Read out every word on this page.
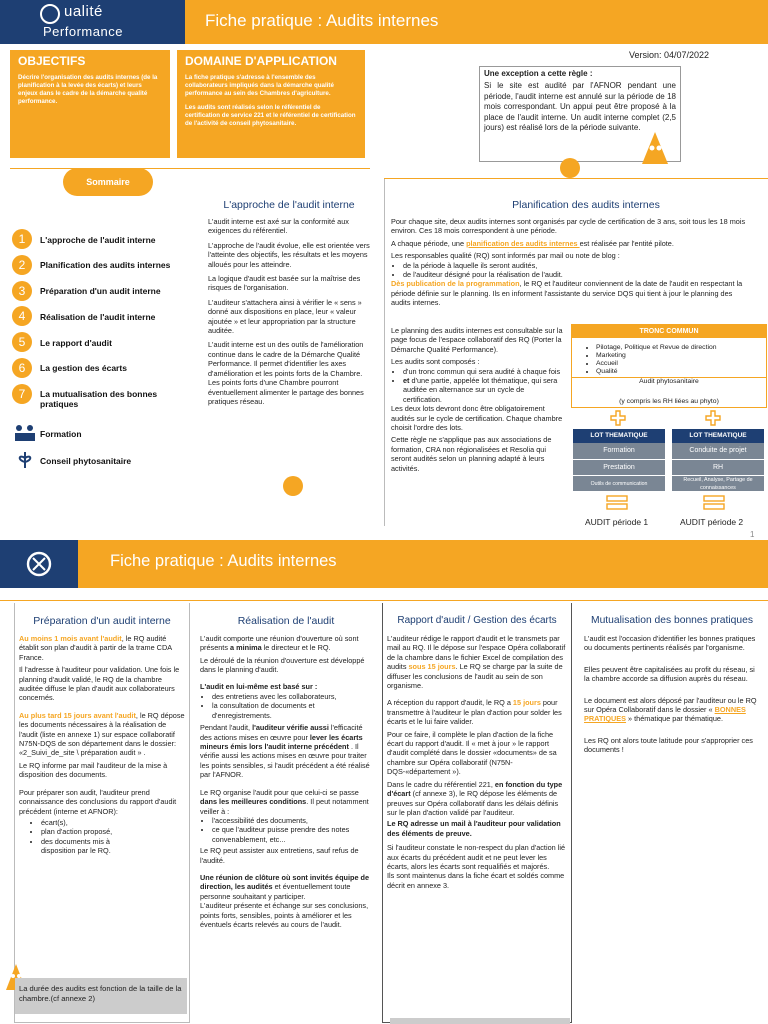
ualité
Performance
Fiche pratique : Audits internes
Version: 04/07/2022
OBJECTIFS

Décrire l'organisation des audits internes (de la planification à la levée des écarts) et leurs enjeux dans le cadre de la démarche qualité performance.

DOMAINE D'APPLICATION

La fiche pratique s'adresse à l'ensemble des collaborateurs impliqués dans la démarche qualité performance au sein des Chambres d'agriculture.

Les audits sont réalisés selon le référentiel de certification de service 221 et le référentiel de certification de l'activité de conseil phytosanitaire.

Une exception a cette règle :
Si le site est audité par l'AFNOR pendant une période, l'audit interne est annulé sur la période de 18 mois correspondant. Un appui peut être proposé à la place de l'audit interne. Un audit interne complet (2,5 jours) est réalisé lors de la période suivante.
Sommaire
1	L'approche de l'audit interne
2	Planification des audits internes
3	Préparation d'un audit interne
4	Réalisation de l'audit interne
5	Le rapport d'audit
6	La gestion des écarts
7	La mutualisation des bonnes pratiques
Formation
Conseil phytosanitaire
L'approche de l'audit interne

L'audit interne est axé sur la conformité aux exigences du référentiel.

L'approche de l'audit évolue, elle est orientée vers l'atteinte des objectifs, les résultats et les moyens alloués pour les atteindre.

La logique d'audit est basée sur la maîtrise des risques de l'organisation.

L'auditeur s'attachera ainsi à vérifier le « sens » donné aux dispositions en place, leur « valeur ajoutée » et leur appropriation par la structure auditée.

L'audit interne est un des outils de l'amélioration continue dans le cadre de la Démarche Qualité Performance. Il permet d'identifier les axes d'amélioration et les points forts de la Chambre.

Les points forts d'une Chambre pourront éventuellement alimenter le partage des bonnes pratiques réseau.

Planification des audits internes

Pour chaque site, deux audits internes sont organisés par cycle de certification de 3 ans, soit tous les 18 mois environ. Ces 18 mois correspondent à une période.

A chaque période, une planification des audits internes est réalisée par l'entité pilote.

Les responsables qualité (RQ) sont informés par mail ou note de blog :

• de la période à laquelle ils seront audités,
• de l'auditeur désigné pour la réalisation de l'audit.

Dès publication de la programmation, le RQ et l'auditeur conviennent de la date de l'audit en respectant la période définie sur le planning. Ils en informent l'assistante du service DQS qui tient à jour le planning des audits internes.

Le planning des audits internes est consultable sur la page focus de l'espace collaboratif des RQ (Porter la Démarche Qualité Performance).

Les audits sont composés :

• d'un tronc commun qui sera audité à chaque fois
• et d'une partie, appelée lot thématique, qui sera auditée en alternance sur un cycle de certification.

Les deux lots devront donc être obligatoirement audités sur le cycle de certification. Chaque chambre choisit l'ordre des lots.

Cette règle ne s'applique pas aux associations de formation, CRA non régionalisées et Resolia qui seront audités selon un planning adapté à leurs activités.

TRONC COMMUN
• Pilotage, Politique et Revue de direction
• Marketing
• Accueil
• Qualité
Audit phytosanitaire
(y compris les RH liées au phyto)
LOT THEMATIQUE
Formation
Prestation
Outils de communication
LOT THEMATIQUE
Conduite de projet
RH
Recueil, Analyse, Partage de connaissances
AUDIT période 1	AUDIT période 2
1
Fiche pratique : Audits internes
Préparation d'un audit interne

Au moins 1 mois avant l'audit, le RQ audité établit son plan d'audit à partir de la trame CDA France.

Il l'adresse à l'auditeur pour validation. Une fois le planning d'audit validé, le RQ de la chambre auditée diffuse le plan d'audit aux collaborateurs concernés.

Au plus tard 15 jours avant l'audit, le RQ dépose les documents nécessaires à la réalisation de l'audit (liste en annexe 1) sur espace collaboratif N75N-DQS de son département dans le dossier: «2_Suivi_de_site \ préparation audit » .

Le RQ informe par mail l'auditeur de la mise à disposition des documents.

Pour préparer son audit, l'auditeur prend connaissance des conclusions du rapport d'audit précédent (interne et AFNOR):

• écart(s),
• plan d'action proposé,
• des documents mis à disposition par le RQ.
La durée des audits est fonction de la taille de la chambre.(cf annexe 2)
Réalisation de l'audit

L'audit comporte une réunion d'ouverture où sont présents a minima le directeur et le RQ.

Le déroulé de la réunion d'ouverture est développé dans le planning d'audit.

L'audit en lui-même est basé sur :

• des entretiens avec les collaborateurs,
• la consultation de documents et d'enregistrements.

Pendant l'audit, l'auditeur vérifie aussi l'efficacité des actions mises en œuvre pour lever les écarts mineurs émis lors l'audit interne précédent . Il vérifie aussi les actions mises en œuvre pour traiter les points sensibles, si l'audit précédent a été réalisé par l'AFNOR.

Le RQ organise l'audit pour que celui-ci se passe dans les meilleures conditions. Il peut notamment veiller à :

• l'accessibilité des documents,
• ce que l'auditeur puisse prendre des notes convenablement, etc...

Le RQ peut assister aux entretiens, sauf refus de l'audité.

Une réunion de clôture où sont invités équipe de direction, les audités et éventuellement toute personne souhaitant y participer.

L'auditeur présente et échange sur ses conclusions, points forts, sensibles, points à améliorer et les éventuels écarts relevés au cours de l'audit.

Rapport d'audit / Gestion des écarts

L'auditeur rédige le rapport d'audit et le transmets par mail au RQ. Il le dépose sur l'espace Opéra collaboratif de la chambre dans le fichier Excel de compilation des audits sous 15 jours. Le RQ se charge par la suite de diffuser les conclusions de l'audit au sein de son organisme.

A réception du rapport d'audit, le RQ a 15 jours pour transmettre à l'auditeur le plan d'action pour solder les écarts et le lui faire valider.

Pour ce faire, il complète le plan d'action de la fiche écart du rapport d'audit. Il « met à jour » le rapport d'audit complété dans le dossier «documents» de sa chambre sur Opéra collaboratif (N75N-DQS-«département »).

Dans le cadre du référentiel 221, en fonction du type d'écart (cf annexe 3), le RQ dépose les éléments de preuves sur Opéra collaboratif dans les délais définis sur le plan d'action validé par l'auditeur.

Le RQ adresse un mail à l'auditeur pour validation des éléments de preuve.

Si l'auditeur constate le non-respect du plan d'action lié aux écarts du précédent audit et ne peut lever les écarts, alors les écarts sont requalifiés et majorés.

Ils sont maintenus dans la fiche écart et soldés comme décrit en annexe 3.

Mutualisation des bonnes pratiques

L'audit est l'occasion d'identifier les bonnes pratiques ou documents pertinents réalisés par l'organisme.

Elles peuvent être capitalisées au profit du réseau, si la chambre accorde sa diffusion auprès du réseau.

Le document est alors déposé par l'auditeur ou le RQ sur Opéra Collaboratif dans le dossier « BONNES PRATIQUES » thématique par thématique.

Les RQ ont alors toute latitude pour s'approprier ces documents !
